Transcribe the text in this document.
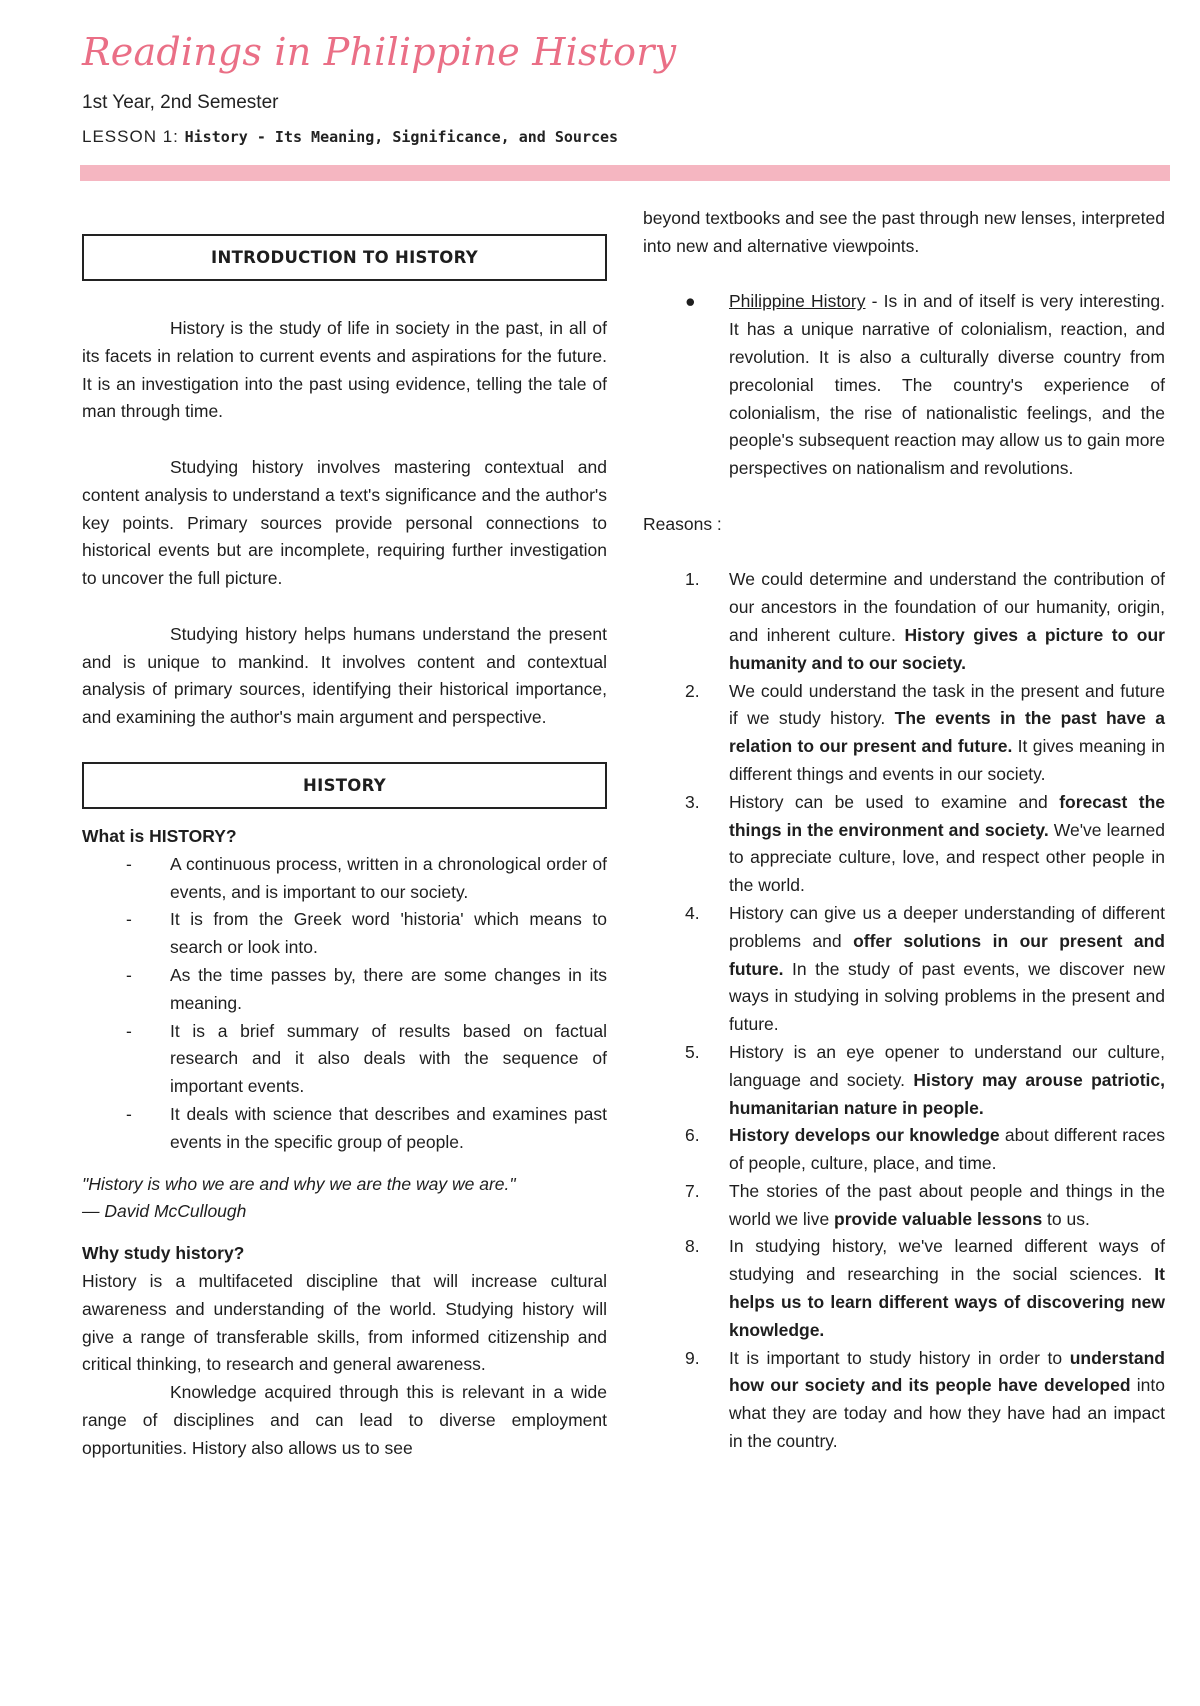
Readings in Philippine History
1st Year, 2nd Semester
LESSON 1: History - Its Meaning, Significance, and Sources
INTRODUCTION TO HISTORY

History is the study of life in society in the past, in all of its facets in relation to current events and aspirations for the future. It is an investigation into the past using evidence, telling the tale of man through time.

Studying history involves mastering contextual and content analysis to understand a text's significance and the author's key points. Primary sources provide personal connections to historical events but are incomplete, requiring further investigation to uncover the full picture.

Studying history helps humans understand the present and is unique to mankind. It involves content and contextual analysis of primary sources, identifying their historical importance, and examining the author's main argument and perspective.

HISTORY

What is HISTORY?

- A continuous process, written in a chronological order of events, and is important to our society.
- It is from the Greek word 'historia' which means to search or look into.
- As the time passes by, there are some changes in its meaning.
- It is a brief summary of results based on factual research and it also deals with the sequence of important events.
- It deals with science that describes and examines past events in the specific group of people.

"History is who we are and why we are the way we are."

— David McCullough

Why study history?

History is a multifaceted discipline that will increase cultural awareness and understanding of the world. Studying history will give a range of transferable skills, from informed citizenship and critical thinking, to research and general awareness.

Knowledge acquired through this is relevant in a wide range of disciplines and can lead to diverse employment opportunities. History also allows us to see

beyond textbooks and see the past through new lenses, interpreted into new and alternative viewpoints.

● Philippine History - Is in and of itself is very interesting. It has a unique narrative of colonialism, reaction, and revolution. It is also a culturally diverse country from precolonial times. The country's experience of colonialism, the rise of nationalistic feelings, and the people's subsequent reaction may allow us to gain more perspectives on nationalism and revolutions.

Reasons :

1. We could determine and understand the contribution of our ancestors in the foundation of our humanity, origin, and inherent culture. History gives a picture to our humanity and to our society.
2. We could understand the task in the present and future if we study history. The events in the past have a relation to our present and future. It gives meaning in different things and events in our society.
3. History can be used to examine and forecast the things in the environment and society. We've learned to appreciate culture, love, and respect other people in the world.
4. History can give us a deeper understanding of different problems and offer solutions in our present and future. In the study of past events, we discover new ways in studying in solving problems in the present and future.
5. History is an eye opener to understand our culture, language and society. History may arouse patriotic, humanitarian nature in people.
6. History develops our knowledge about different races of people, culture, place, and time.
7. The stories of the past about people and things in the world we live provide valuable lessons to us.
8. In studying history, we've learned different ways of studying and researching in the social sciences. It helps us to learn different ways of discovering new knowledge.
9. It is important to study history in order to understand how our society and its people have developed into what they are today and how they have had an impact in the country.
